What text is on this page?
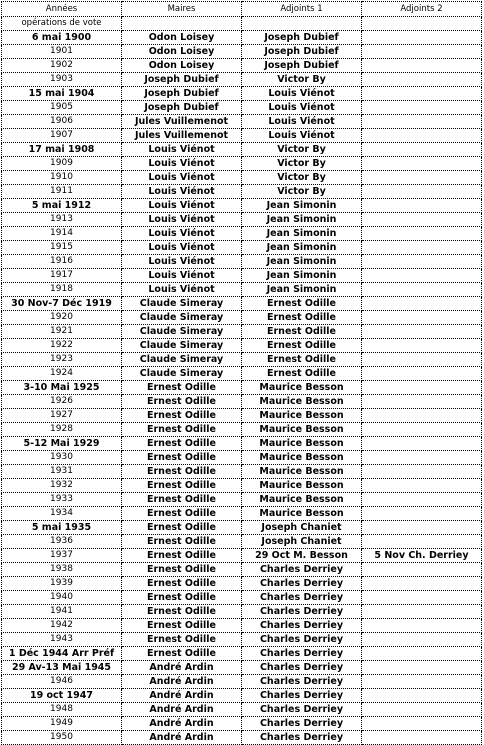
Années	Maires	Adjoints 1	Adjoints 2
opérations de vote			
6 mai 1900	Odon Loisey	Joseph Dubief	
1901	Odon Loisey	Joseph Dubief	
1902	Odon Loisey	Joseph Dubief	
1903	Joseph Dubief	Victor By	
15 mai 1904	Joseph Dubief	Louis Viénot	
1905	Joseph Dubief	Louis Viénot	
1906	Jules Vuillemenot	Louis Viénot	
1907	Jules Vuillemenot	Louis Viénot	
17 mai 1908	Louis Viénot	Victor By	
1909	Louis Viénot	Victor By	
1910	Louis Viénot	Victor By	
1911	Louis Viénot	Victor By	
5 mai 1912	Louis Viénot	Jean Simonin	
1913	Louis Viénot	Jean Simonin	
1914	Louis Viénot	Jean Simonin	
1915	Louis Viénot	Jean Simonin	
1916	Louis Viénot	Jean Simonin	
1917	Louis Viénot	Jean Simonin	
1918	Louis Viénot	Jean Simonin	
30 Nov-7 Déc 1919	Claude Simeray	Ernest Odille	
1920	Claude Simeray	Ernest Odille	
1921	Claude Simeray	Ernest Odille	
1922	Claude Simeray	Ernest Odille	
1923	Claude Simeray	Ernest Odille	
1924	Claude Simeray	Ernest Odille	
3-10 Mai 1925	Ernest Odille	Maurice Besson	
1926	Ernest Odille	Maurice Besson	
1927	Ernest Odille	Maurice Besson	
1928	Ernest Odille	Maurice Besson	
5-12 Mai 1929	Ernest Odille	Maurice Besson	
1930	Ernest Odille	Maurice Besson	
1931	Ernest Odille	Maurice Besson	
1932	Ernest Odille	Maurice Besson	
1933	Ernest Odille	Maurice Besson	
1934	Ernest Odille	Maurice Besson	
5 mai 1935	Ernest Odille	Joseph Chaniet	
1936	Ernest Odille	Joseph Chaniet	
1937	Ernest Odille	29 Oct M. Besson	5 Nov Ch. Derriey
1938	Ernest Odille	Charles Derriey	
1939	Ernest Odille	Charles Derriey	
1940	Ernest Odille	Charles Derriey	
1941	Ernest Odille	Charles Derriey	
1942	Ernest Odille	Charles Derriey	
1943	Ernest Odille	Charles Derriey	
1 Déc 1944 Arr Préf	Ernest Odille	Charles Derriey	
29 Av-13 Mai 1945	André Ardin	Charles Derriey	
1946	André Ardin	Charles Derriey	
19 oct 1947	André Ardin	Charles Derriey	
1948	André Ardin	Charles Derriey	
1949	André Ardin	Charles Derriey	
1950	André Ardin	Charles Derriey	
